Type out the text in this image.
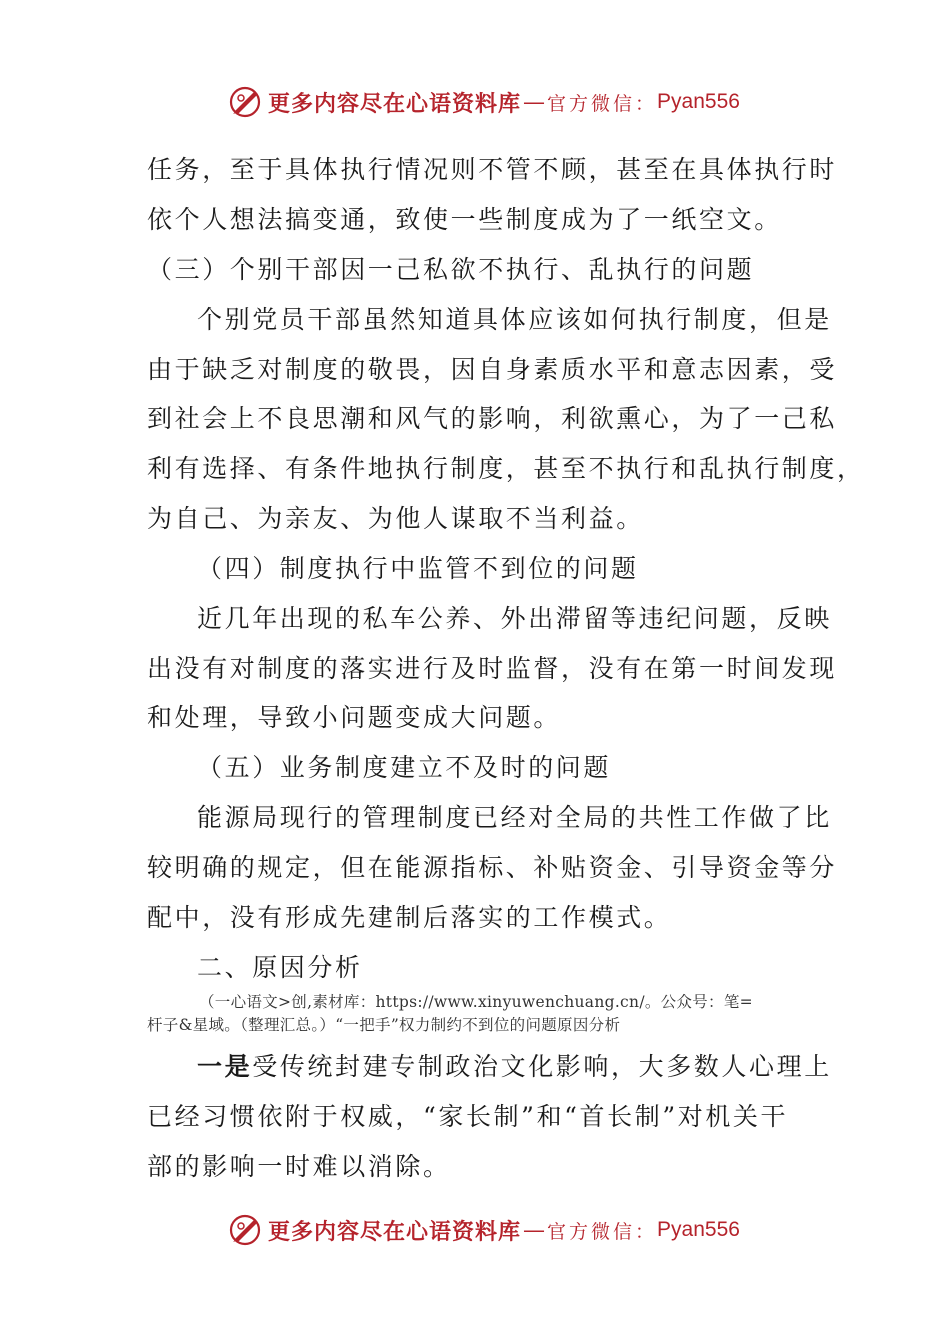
更多内容尽在心语资料库 — 官方微信： Pyan556
任务，至于具体执行情况则不管不顾，甚至在具体执行时
依个人想法搞变通，致使一些制度成为了一纸空文。
（三）个别干部因一己私欲不执行、乱执行的问题
个别党员干部虽然知道具体应该如何执行制度，但是
由于缺乏对制度的敬畏，因自身素质水平和意志因素，受
到社会上不良思潮和风气的影响，利欲熏心，为了一己私
利有选择、有条件地执行制度，甚至不执行和乱执行制度，
为自己、为亲友、为他人谋取不当利益。
（四）制度执行中监管不到位的问题
近几年出现的私车公养、外出滞留等违纪问题，反映
出没有对制度的落实进行及时监督，没有在第一时间发现
和处理，导致小问题变成大问题。
（五）业务制度建立不及时的问题
能源局现行的管理制度已经对全局的共性工作做了比
较明确的规定，但在能源指标、补贴资金、引导资金等分
配中，没有形成先建制后落实的工作模式。
二、原因分析
（一心语文>创,素材库：https://www.xinyuwenchuang.cn/。公众号：笔=
杆子&星域。（整理汇总。）“一把手”权力制约不到位的问题原因分析
一是受传统封建专制政治文化影响，大多数人心理上
已经习惯依附于权威，“家长制”和“首长制”对机关干
部的影响一时难以消除。
更多内容尽在心语资料库 — 官方微信： Pyan556
